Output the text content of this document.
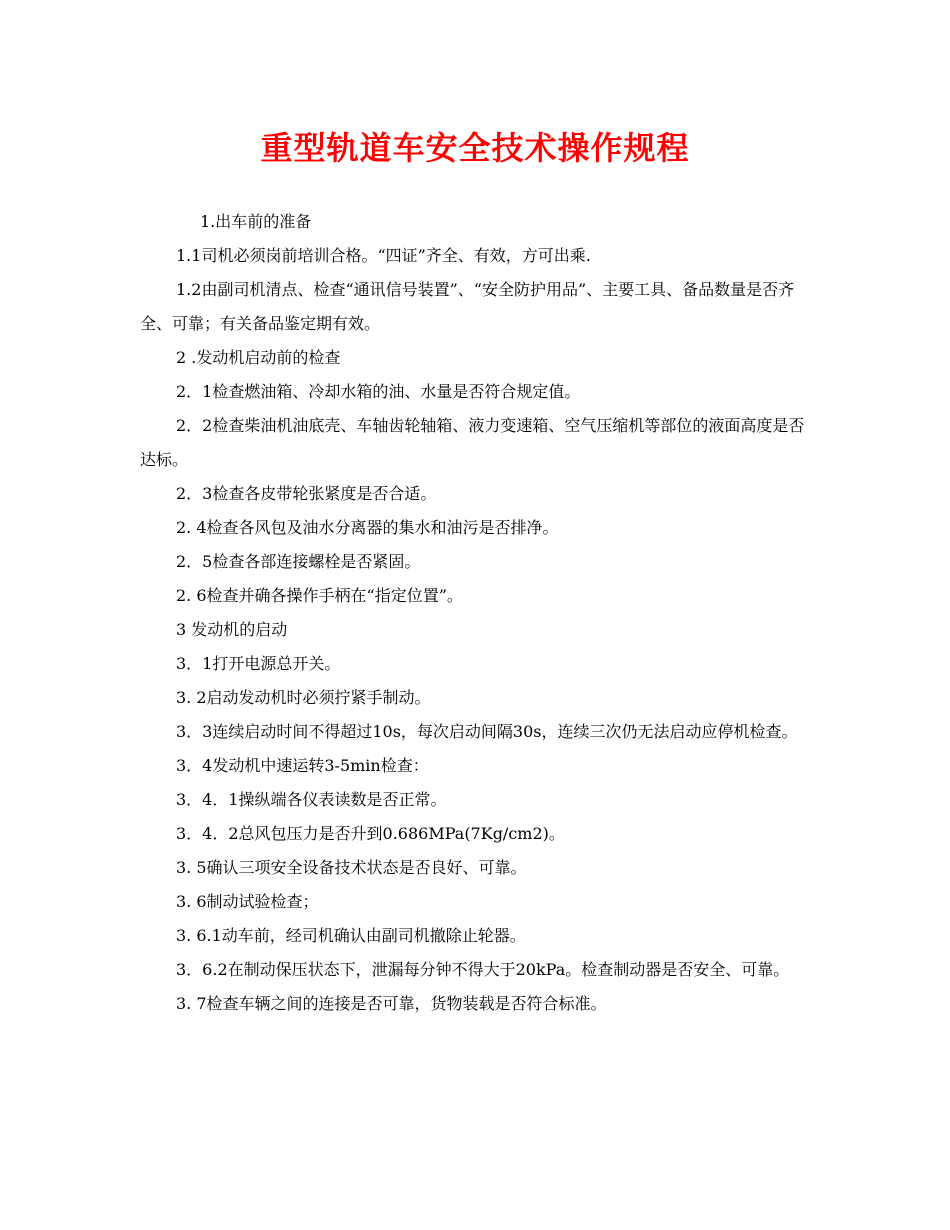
重型轨道车安全技术操作规程

1.出车前的准备

1.1司机必须岗前培训合格。“四证”齐全、有效，方可出乘.

1.2由副司机清点、检查“通讯信号装置”、“安全防护用品”、主要工具、备品数量是否齐全、可靠；有关备品鉴定期有效。

2 .发动机启动前的检查

2．1检查燃油箱、冷却水箱的油、水量是否符合规定值。

2．2检查柴油机油底壳、车轴齿轮轴箱、液力变速箱、空气压缩机等部位的液面高度是否达标。

2．3检查各皮带轮张紧度是否合适。

2. 4检查各风包及油水分离器的集水和油污是否排净。

2．5检查各部连接螺栓是否紧固。

2. 6检查并确各操作手柄在“指定位置”。

3 发动机的启动

3．1打开电源总开关。

3. 2启动发动机时必须拧紧手制动。

3．3连续启动时间不得超过10s，每次启动间隔30s，连续三次仍无法启动应停机检查。

3．4发动机中速运转3-5min检查：

3．4．1操纵端各仪表读数是否正常。

3．4．2总风包压力是否升到0.686MPa(7Kg/cm2)。

3. 5确认三项安全设备技术状态是否良好、可靠。

3. 6制动试验检查；

3. 6.1动车前，经司机确认由副司机撤除止轮器。

3．6.2在制动保压状态下，泄漏每分钟不得大于20kPa。检查制动器是否安全、可靠。

3. 7检查车辆之间的连接是否可靠，货物装载是否符合标准。
